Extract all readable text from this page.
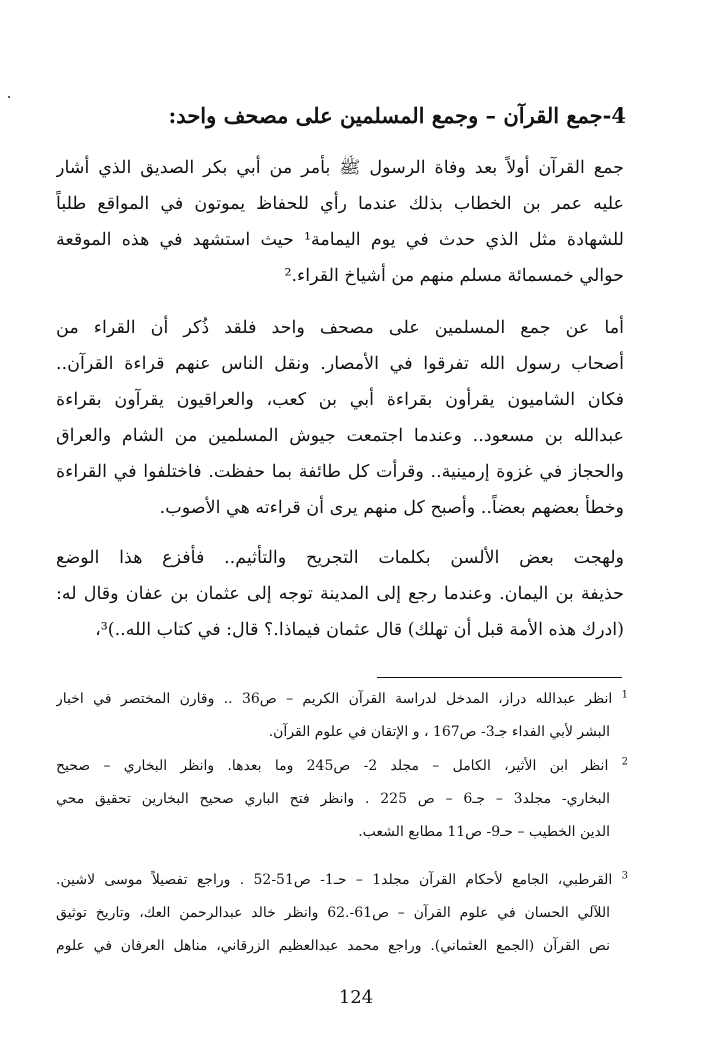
4-جمع القرآن – وجمع المسلمين على مصحف واحد:
جمع القرآن أولاً بعد وفاة الرسول ﷺ بأمر من أبي بكر الصديق الذي أشار
عليه عمر بن الخطاب بذلك عندما رأي للحفاظ يموتون في المواقع طلباً
للشهادة مثل الذي حدث في يوم اليمامة¹ حيث استشهد في هذه الموقعة
حوالي خمسمائة مسلم منهم من أشياخ القراء.²
أما عن جمع المسلمين على مصحف واحد فلقد ذُكر أن القراء من
أصحاب رسول الله تفرقوا في الأمصار. ونقل الناس عنهم قراءة القرآن..
فكان الشاميون يقرأون بقراءة أبي بن كعب، والعراقيون يقرآون بقراءة
عبدالله بن مسعود.. وعندما اجتمعت جيوش المسلمين من الشام والعراق
والحجاز في غزوة إرمينية.. وقرأت كل طائفة بما حفظت. فاختلفوا في القراءة
وخطأ بعضهم بعضاً.. وأصبح كل منهم يرى أن قراءته هي الأصوب.
ولهجت بعض الألسن بكلمات التجريح والتأثيم.. فأفزع هذا الوضع
حذيفة بن اليمان. وعندما رجع إلى المدينة توجه إلى عثمان بن عفان وقال له:
(ادرك هذه الأمة قبل أن تهلك) قال عثمان فيماذا.؟ قال: في كتاب الله..)³،
$^1$ انظر عبدالله دراز، المدخل لدراسة القرآن الكريم – ص36 .. وقارن المختصر في اخبار
البشر لأبي الفداء جـ3- ص167 ، و الإتقان في علوم القرآن.
$^2$ انظر ابن الأثير، الكامل – مجلد 2- ص245 وما بعدها. وانظر البخاري – صحيح
البخاري- مجلد3 – جـ6 – ص 225 . وانظر فتح الباري صحيح البخارين تحقيق محي
الدين الخطيب – حـ9- ص11 مطابع الشعب.
$^3$ القرطبي، الجامع لأحكام القرآن مجلد1 – حـ1- ص51-52 . وراجع تفصيلاً موسى لاشين.
اللآلي الحسان في علوم القرآن – ص61-.62 وانظر خالد عبدالرحمن العك، وتاريخ توثيق
نص القرآن (الجمع العثماني). وراجع محمد عبدالعظيم الزرقاني، مناهل العرفان في علوم
124
